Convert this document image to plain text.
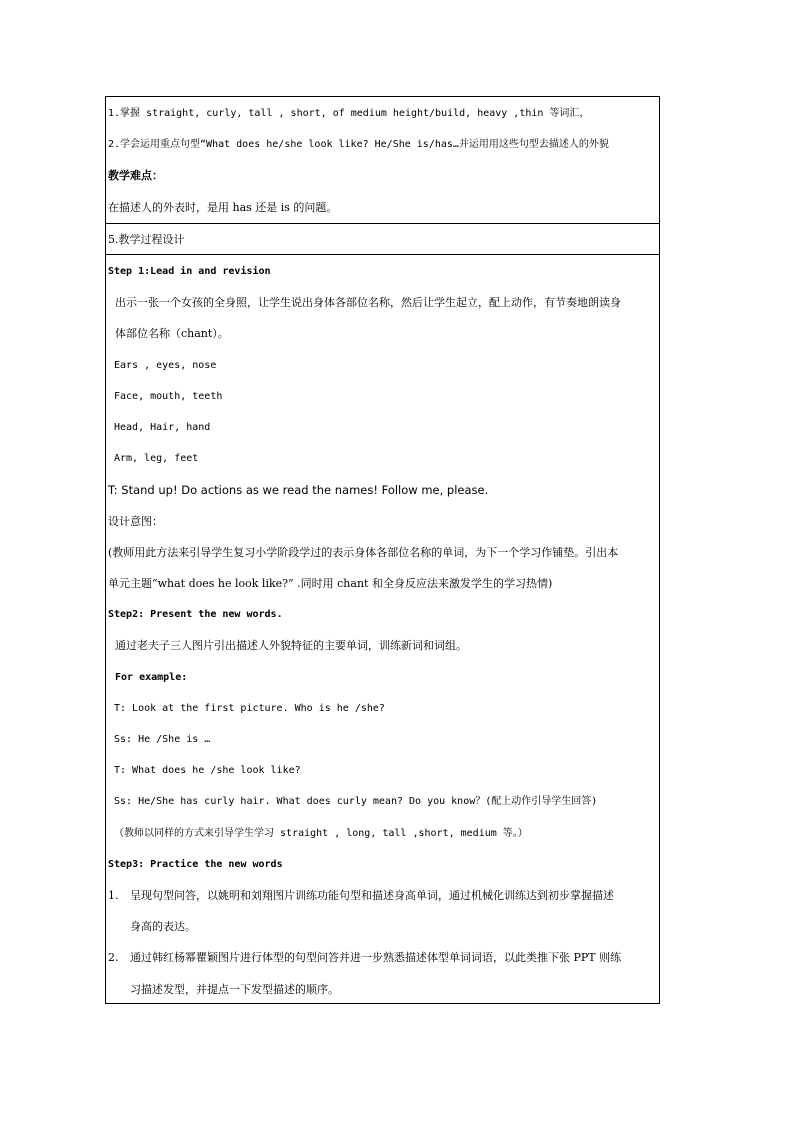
1.掌握 straight, curly, tall , short, of medium height/build, heavy ,thin 等词汇，
2.学会运用重点句型“What does he/she look like? He/She is/has…并运用用这些句型去描述人的外貌
教学难点：
在描述人的外表时，是用 has 还是 is 的问题。
5.教学过程设计
Step 1:Lead in and revision
出示一张一个女孩的全身照，让学生说出身体各部位名称，然后让学生起立，配上动作，有节奏地朗读身
体部位名称（chant）。
Ears , eyes, nose
Face, mouth, teeth
Head, Hair, hand
Arm, leg, feet
T: Stand up! Do actions as we read the names! Follow me, please.
设计意图：
(教师用此方法来引导学生复习小学阶段学过的表示身体各部位名称的单词，为下一个学习作铺垫。引出本
单元主题“what does he look like?” .同时用 chant 和全身反应法来激发学生的学习热情)
Step2: Present the new words.
通过老夫子三人图片引出描述人外貌特征的主要单词，训练新词和词组。
For example:
T: Look at the first picture. Who is he /she?
Ss: He /She is …
T: What does he /she look like?
Ss: He/She has curly hair. What does curly mean? Do you know？(配上动作引导学生回答)
（教师以同样的方式来引导学生学习 straight , long, tall ,short, medium 等。）
Step3: Practice the new words
1. 呈现句型问答，以姚明和刘翔图片训练功能句型和描述身高单词，通过机械化训练达到初步掌握描述
身高的表达。
2. 通过韩红杨幂瞿颖图片进行体型的句型问答并进一步熟悉描述体型单词词语，以此类推下张 PPT 则练
习描述发型，并提点一下发型描述的顺序。
